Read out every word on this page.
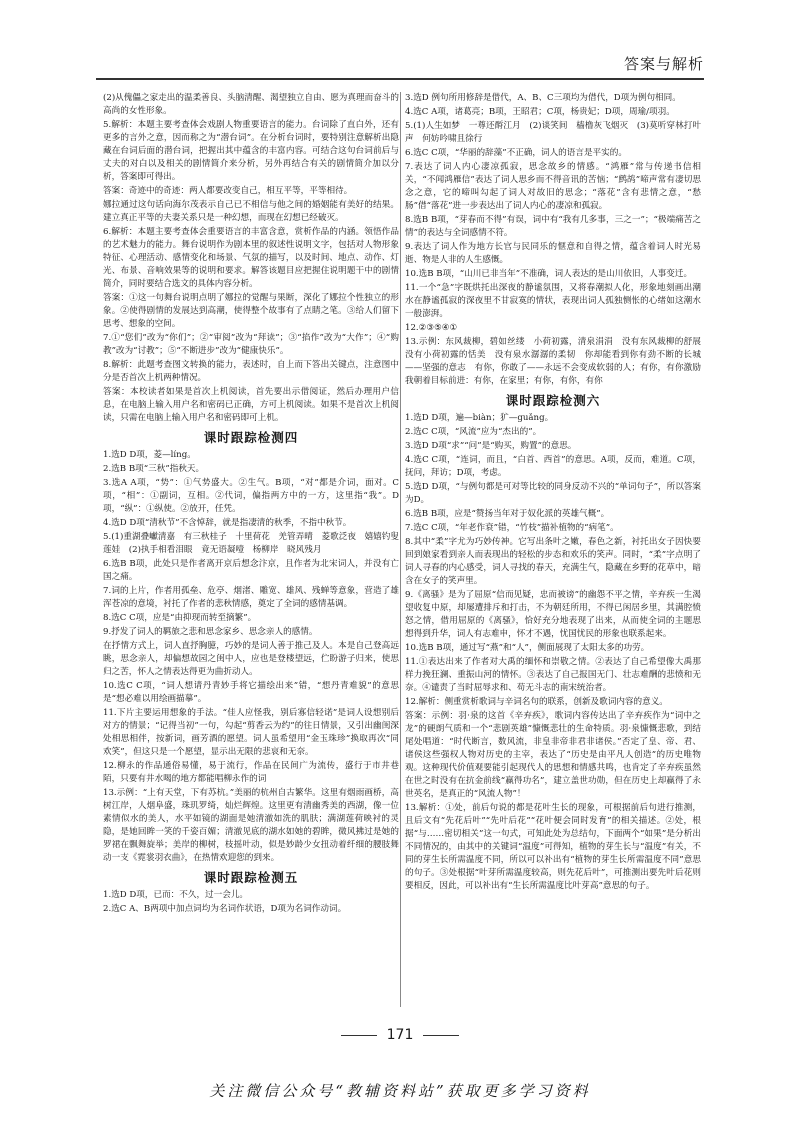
答案与解析
(2)从傀儡之家走出的温柔善良、头脑清醒、渴望独立自由、愿为真理而奋斗的高尚的女性形象。
5.解析：本题主要考查体会戏剧人物重要语言的能力。台词除了直白外，还有更多的言外之意，因而称之为“潜台词”。在分析台词时，要特别注意解析出隐藏在台词后面的潜台词，把握出其中蕴含的丰富内容。可结合这句台词前后与丈夫的对白以及相关的剧情简介来分析，另外再结合有关的剧情简介加以分析，答案即可得出。
答案：奇迹中的奇迹：两人都要改变自己，相互平等，平等相待。
娜拉通过这句话向海尔茂表示自己已不相信与他之间的婚姻能有美好的结果。建立真正平等的夫妻关系只是一种幻想，而现在幻想已经破灭。
6.解析：本题主要考查体会重要语言的丰富含意，赏析作品的内涵。领悟作品的艺术魅力的能力。舞台说明作为剧本里的叙述性说明文字，包括对人物形象特征、心理活动、感情变化和场景、气氛的描写，以及时间、地点、动作、灯光、布景、音响效果等的说明和要求。解答该题目应把握住说明题干中的剧情简介，同时要结合选文的具体内容分析。
答案：①这一句舞台说明点明了娜拉的觉醒与果断，深化了娜拉个性独立的形象。②使得剧情的发展达到高潮，使得整个故事有了点睛之笔。③给人们留下思考、想象的空间。
7.①“您们”改为“你们”；②“审阅”改为“拜读”；③“掐作”改为“大作”；④“购教”改为“讨教”；⑤“不断进步”改为“健康快乐”。
8.解析：此题考查图文转换的能力，表述时，自上而下答出关键点，注意图中分是否首次上机两种情况。
答案：本校读者如果是首次上机阅读，首先要出示借阅证，然后办理用户信息，在电脑上输入用户名和密码已正确，方可上机阅读。如果不是首次上机阅读，只需在电脑上输入用户名和密码即可上机。
课时跟踪检测四
1.选D D项，菱—líng。
2.选B B项“三秋”指秋天。
3.选A A项，“势”：①气势盛大。②生气。B项，“对”都是介词，面对。C项，“相”：①副词，互相。②代词，偏指两方中的一方，这里指“我”。D项，“纵”：①纵使。②放开，任凭。
4.选D D项“清秋节”不含悼辞，就是指凄清的秋季，不指中秋节。
5.(1)重湖叠巘清嘉　有三秋桂子　十里荷花　羌管弄晴　菱歌泛夜　嬉嬉钓叟莲娃　(2)执手相看泪眼　竟无语凝噎　杨柳岸　晓风残月
6.选B B项，此处只是作者离开京后想念汴京，且作者为北宋词人，并没有亡国之痛。
7.词的上片，作者用孤垒、危亭、烟渚、雕宽、雄风、残蝉等意象，营造了雄浑苍凉的意境，衬托了作者的悲秋情感，奠定了全词的感情基调。
8.选C C项，应是“由抑现而转至摘繁”。
9.抒发了词人的羁旅之悲和思念家乡、思念亲人的感情。
在抒情方式上，词人直抒胸臆，巧妙的是词人善于推己及人。本是自己登高远眺，思念亲人，却偏想故园之闺中人，应也是登楼望远，伫盼游子归来，使思归之苦，怀人之情表达得更为曲折动人。
10.选C C项，“词人想请丹青妙手将它描绘出来”错，“想丹青难貌”的意思是“想必难以用绘画描摹”。
11.下片主要运用想象的手法。“佳人应怪我，别后寡信轻诺”是词人设想别后对方的情景；“记得当初”一句，勾起“剪香云为约”的往日情景，又引出幽闺深处相思相伴，按新词，画芳酒的愿望。词人虽希望用“金玉珠珍”换取再次“同欢笑”，但这只是一个愿望，显示出无限的悲哀和无奈。
12.柳永的作品通俗易懂，易于流行，作品在民间广为流传，盛行于市井巷陌，只要有井水喝的地方都能唱柳永作的词
13.示例：“上有天堂，下有苏杭。”美丽的杭州自古繁华。这里有烟雨画桥，高树江岸，人烟阜盛，珠玑罗绮，灿烂辉煌。这里更有清幽秀美的西湖，像一位素情似水的美人，水平如镜的湖面是她清澈如洗的肌肤；满湖莲荷映衬的灵隐，是她回眸一笑的千姿百媚；清澈见底的湖水如她的碧眸，微风拂过是她的罗裙在飘舞旋举；美岸的柳树，枝摇叶动，似是妙龄少女扭动着纤细的腰肢舞动一支《霓裳羽衣曲》，在热情欢迎您的到来。
课时跟踪检测五
1.选D D项，已而：不久，过一会儿。
2.选C A、B两项中加点词均为名词作状语，D项为名词作动词。
3.选D 例句所用修辞是借代，A、B、C三项均为借代，D项为例句相同。
4.选C A项，诸葛亮；B项，王昭君；C项，杨贵妃；D项，周瑜/项羽。
5.(1)人生如梦　一尊还酹江月　(2)谈笑间　樯橹灰飞烟灭　(3)莫听穿林打叶声　何妨吟啸且徐行
6.选C C项，“华丽的辞藻”不正确，词人的语言是平实的。
7.表达了词人内心凄凉孤寂，思念故乡的情感。“鸿雁”常与传递书信相关，“不闻鸿雁信”表达了词人思乡而不得音讯的苦恼；“鹧鸪”啼声常有凄切思念之意，它的啼叫勾起了词人对故旧的思念；“落花”含有悲情之意，“愁肠”借“落花”进一步表达出了词人内心的凄凉和孤寂。
8.选B B项，“芽春而不得”有误，词中有“我有几多事，三之一”；“极端痛苦之情”的表达与全词感情不符。
9.表达了词人作为地方长官与民同乐的惬意和自得之情，蕴含着词人时光易逝、物是人非的人生感慨。
10.选B B项，“山川已非当年”不准确，词人表达的是山川依旧，人事变迁。
11.一个“急”字既烘托出深夜的静谧氛围，又将春潮拟人化，形象地刻画出潮水在静谧孤寂的深夜里不甘寂寞的情状，表现出词人孤独恻怅的心绪如这潮水一般澎湃。
12.②③⑤④①
13.示例：东风裁柳，碧如丝缕　小荷初露，清泉涓涓　没有东风裁柳的舒展　没有小荷初露的恬美　没有泉水潺潺的柔韧　你却能看到你有劲不断的长城——坚强的意志　有你，你敢了——永远不会变成软弱的人；有你，有你激励我朝着目标前进：有你，在家里；有你，有你，有你
课时跟踪检测六
1.选D D项，遍—biàn；犷—guǎng。
2.选C C项，“风流”应为“杰出的”。
3.选D D项“求”“问”是“购买，购置”的意思。
4.选C C项，“连词，而且，“白首、西首”的意思。A项，反而，难道。C项，抚问，拜访；D项，考虑。
5.选D D项，“与例句都是可对等比较的同身反动不兴的“单词句子”，所以答案为D。
6.选B B项，应是“赞扬当年对于奴化派的英雄气概”。
7.选C C项，“年老作衰”错，“竹枝”描补植物的“病笔”。
8.其中“柔”字尤为巧妙传神。它写出条叶之嫩，春色之新，衬托出女子因快要回到娘家看到亲人而表现出的轻松的步态和欢乐的笑声。同时，“柔”字点明了词人寻春的内心感受，词人寻找的春天，充满生气，隐藏在乡野的花草中，暗含在女子的笑声里。
9.《离骚》是为了屈原“信而见疑，忠而被谤”的幽怨不平之情，辛弃疾一生渴望收复中原，却屡遭排斥和打击，不为朝廷所用，不得已闲居乡里，其满腔愤怒之情，借用屈原的《离骚》，恰好充分地表现了出来，从而使全词的主题思想得到升华，词人有志难申，怀才不遇，忧国忧民的形象也联系起来。
10.选B B项，通过写“燕”和“人”，侧面展现了太阳太多的功劳。
11.①表达出来了作者对大禹的缅怀和崇敬之情。②表达了自己希望像大禹那样力挽狂澜、重振山河的情怀。③表达了自己报国无门、壮志难酬的悲愤和无奈。④谴责了当时屈辱求和、苟无斗志的南宋统治者。
12.解析：侧重赏析歌词与辛词名句的联系，创新及歌词内容的意义。
答案：示例：羽·泉的这首《辛弃疾》，歌词内容传达出了辛弃疾作为“词中之龙”的硬朗气质和一个“悲剧英雄”慷慨悲壮的生命特质。羽·泉慷慨悲歌，到结尾处唱道：“时代断言，数风流，非皇非帝非君非诸侯。”否定了皇、帝、君、诸侯这些强权人物对历史的主宰，表达了“历史是由平凡人创造”的历史唯物观。这种现代价值观要能引起现代人的思想和情感共鸣，也肯定了辛弃疾虽然在世之时没有在抗金前线“赢得功名”，建立盖世功勋，但在历史上却赢得了永世英名，是真正的“风流人物”！
13.解析：①处，前后句说的都是花叶生长的现象，可根据前后句进行推测，且后文有“先花后叶”“先叶后花”“花叶便会同时发育”的相关描述。②处，根据“与……密切相关”这一句式，可知此处为总结句，下面两个“如果”是分析出不同情况的，由其中的关键词“温度”可得知，植物的芽生长与“温度”有关，不同的芽生长所需温度不同，所以可以补出有“植物的芽生长所需温度不同”意思的句子。③处根据“叶芽所需温度较高，则先花后叶”，可推测出要先叶后花则要相反，因此，可以补出有“生长所需温度比叶芽高”意思的句子。
171
关注微信公众号“教辅资料站”获取更多学习资料
